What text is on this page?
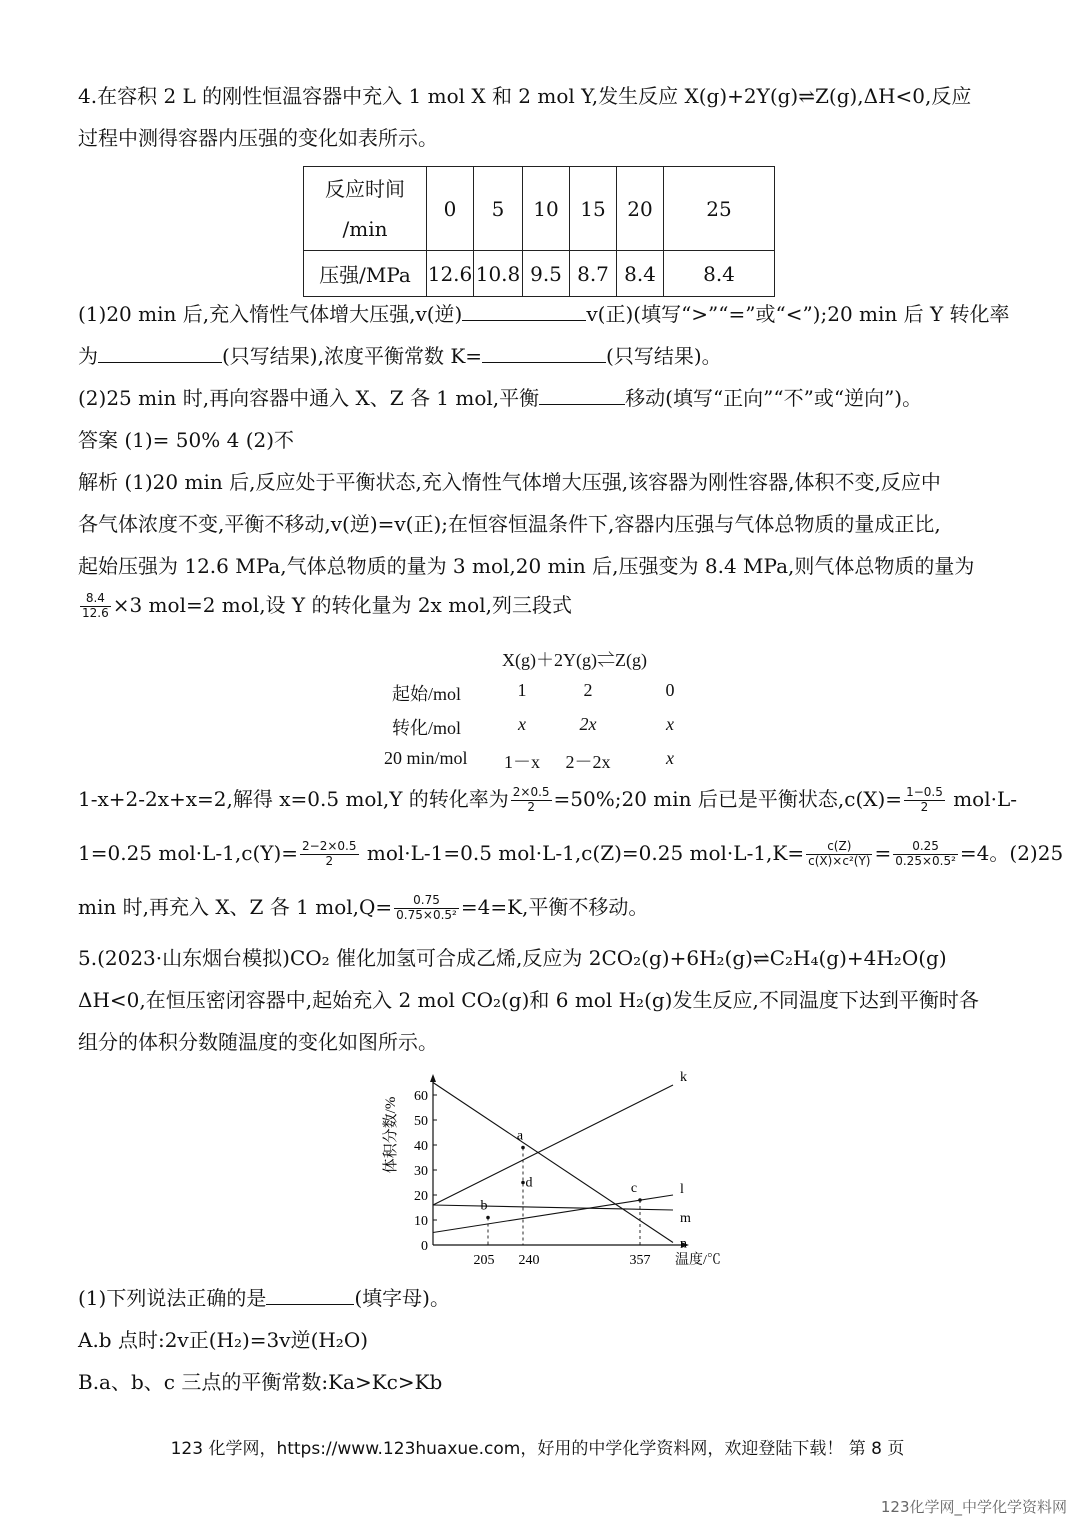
4.在容积 2 L 的刚性恒温容器中充入 1 mol X 和 2 mol Y,发生反应 X(g)+2Y(g)⇌Z(g),ΔH<0,反应
过程中测得容器内压强的变化如表所示。
反应时间
/min	0	5	10	15	20	25
压强/MPa	12.6	10.8	9.5	8.7	8.4	8.4
(1)20 min 后,充入惰性气体增大压强,v(逆)	v(正)(填写“>”“=”或“<”);20 min 后 Y 转化率
为	(只写结果),浓度平衡常数 K=	(只写结果)。
(2)25 min 时,再向容器中通入 X、Z 各 1 mol,平衡	移动(填写“正向”“不”或“逆向”)。
答案 (1)= 50% 4 (2)不
解析 (1)20 min 后,反应处于平衡状态,充入惰性气体增大压强,该容器为刚性容器,体积不变,反应中
各气体浓度不变,平衡不移动,v(逆)=v(正);在恒容恒温条件下,容器内压强与气体总物质的量成正比,
起始压强为 12.6 MPa,气体总物质的量为 3 mol,20 min 后,压强变为 8.4 MPa,则气体总物质的量为
$\frac{8.4}{12.6} \times 3$ mol=2 mol,设 Y 的转化量为 2x mol,列三段式
X(g)＋2Y(g)⇌Z(g)
起始/mol	1	2	0
转化/mol	x	2x	x
20 min/mol	1－x	2－2x	x
1-x+2-2x+x=2,解得 x=0.5 mol,Y 的转化率为 $\frac{2\times 0.5}{2}$ =50%;20 min 后已是平衡状态$,c(X)= \frac{1-0.5}{2} mol\cdot L-$
1=0.25 $mol\cdot L-1,c(Y)= \frac{2-2\times 0.5}{2} mol\cdot L-1=0.5$ mol·L-1,c(Z)=0.25 $mol\cdot L-1,K= \frac{c(Z)}{\text{c(X)×c²(Y)}} = \frac{0.25}{\text{0.25×0.5²}} =4$。(2)25
min 时,再充入 X、Z 各 1 $mol,Q= \frac{0.75}{\text{0.75×0.5²}} =4=K$,平衡不移动。
5.(2023·山东烟台模拟)CO₂ 催化加氢可合成乙烯,反应为 2CO₂(g)+6H₂(g)⇌C₂H₄(g)+4H₂O(g)
ΔH<0,在恒压密闭容器中,起始充入 2 mol CO₂(g)和 6 mol H₂(g)发生反应,不同温度下达到平衡时各
组分的体积分数随温度的变化如图所示。
0
10
20
30
40
50
60
体积分数/%
205 240	357 温度/℃
k
l
m
n
a
b
c
d
(1)下列说法正确的是	(填字母)。
A.b 点时:2v正(H₂)=3v逆(H₂O)
B.a、b、c 三点的平衡常数:Ka>Kc>Kb
123 化学网，https://www.123huaxue.com，好用的中学化学资料网，欢迎登陆下载！ 第 8 页
123化学网_中学化学资料网
